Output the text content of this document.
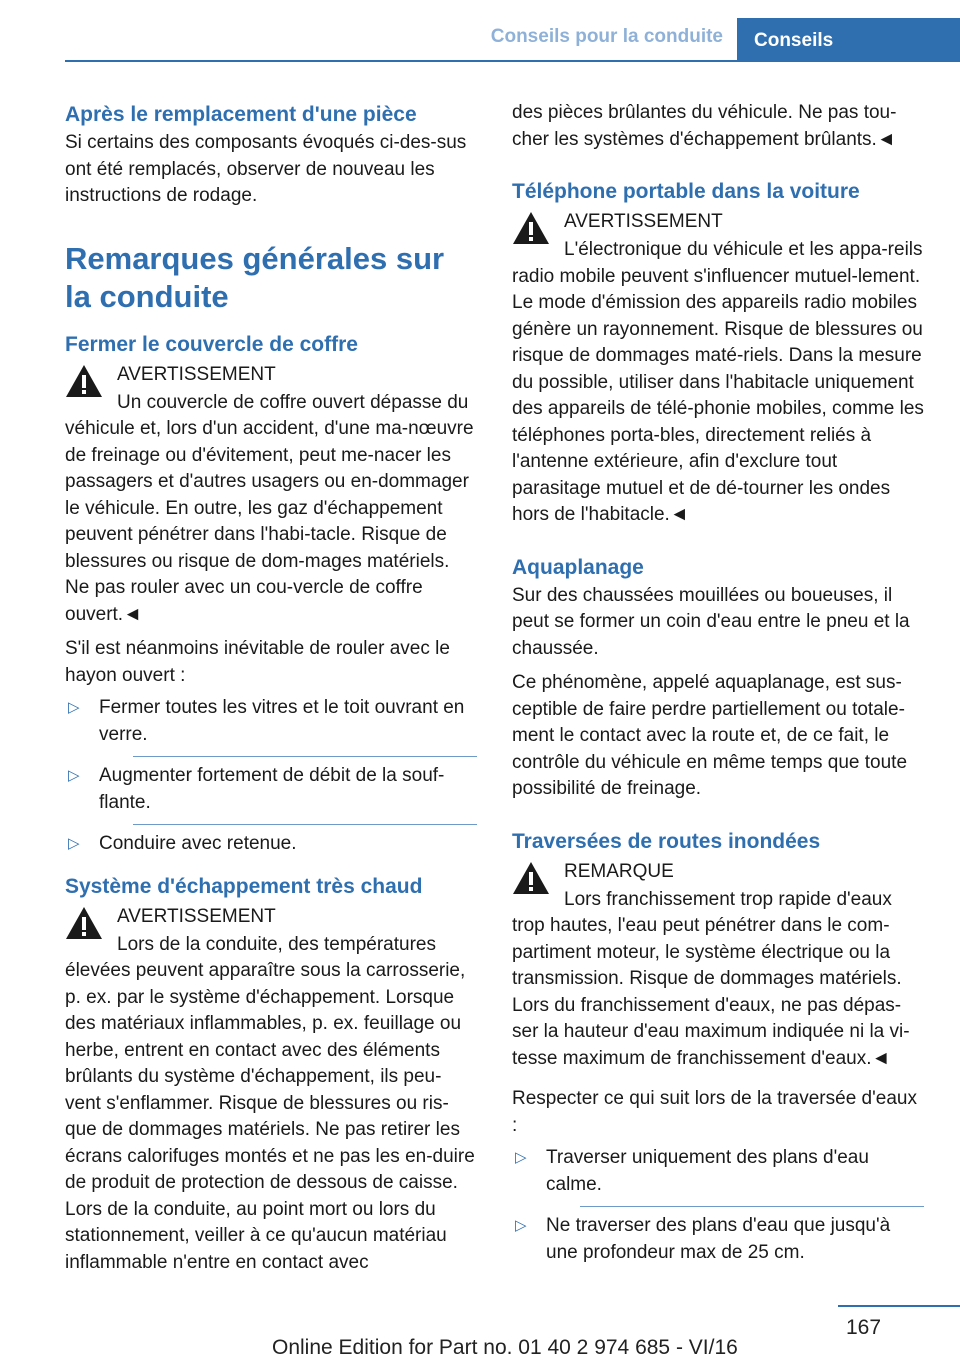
Conseils pour la conduite	Conseils
Après le remplacement d'une pièce

Si certains des composants évoqués ci-des-sus ont été remplacés, observer de nouveau les instructions de rodage.

Remarques générales sur la conduite
Fermer le couvercle de coffre
AVERTISSEMENT

Un couvercle de coffre ouvert dépasse du véhicule et, lors d'un accident, d'une ma-nœuvre de freinage ou d'évitement, peut me-nacer les passagers et d'autres usagers ou en-dommager le véhicule. En outre, les gaz d'échappement peuvent pénétrer dans l'habi-tacle. Risque de blessures ou risque de dom-mages matériels. Ne pas rouler avec un cou-vercle de coffre ouvert.◄

S'il est néanmoins inévitable de rouler avec le hayon ouvert :

▷ Fermer toutes les vitres et le toit ouvrant en verre.
▷ Augmenter fortement de débit de la souf-flante.
▷ Conduire avec retenue.
Système d'échappement très chaud
AVERTISSEMENT

Lors de la conduite, des températures élevées peuvent apparaître sous la carrosserie, p. ex. par le système d'échappement. Lorsque des matériaux inflammables, p. ex. feuillage ou herbe, entrent en contact avec des éléments brûlants du système d'échappement, ils peu-vent s'enflammer. Risque de blessures ou ris-que de dommages matériels. Ne pas retirer les écrans calorifuges montés et ne pas les en-duire de produit de protection de dessous de caisse. Lors de la conduite, au point mort ou lors du stationnement, veiller à ce qu'aucun matériau inflammable n'entre en contact avec

des pièces brûlantes du véhicule. Ne pas tou-cher les systèmes d'échappement brûlants.◄

Téléphone portable dans la voiture
AVERTISSEMENT

L'électronique du véhicule et les appa-reils radio mobile peuvent s'influencer mutuel-lement. Le mode d'émission des appareils radio mobiles génère un rayonnement. Risque de blessures ou risque de dommages maté-riels. Dans la mesure du possible, utiliser dans l'habitacle uniquement des appareils de télé-phonie mobiles, comme les téléphones porta-bles, directement reliés à l'antenne extérieure, afin d'exclure tout parasitage mutuel et de dé-tourner les ondes hors de l'habitacle.◄

Aquaplanage

Sur des chaussées mouillées ou boueuses, il peut se former un coin d'eau entre le pneu et la chaussée.

Ce phénomène, appelé aquaplanage, est sus-ceptible de faire perdre partiellement ou totale-ment le contact avec la route et, de ce fait, le contrôle du véhicule en même temps que toute possibilité de freinage.

Traversées de routes inondées
REMARQUE

Lors franchissement trop rapide d'eaux trop hautes, l'eau peut pénétrer dans le com-partiment moteur, le système électrique ou la transmission. Risque de dommages matériels. Lors du franchissement d'eaux, ne pas dépas-ser la hauteur d'eau maximum indiquée ni la vi-tesse maximum de franchissement d'eaux.◄

Respecter ce qui suit lors de la traversée d'eaux :

▷ Traverser uniquement des plans d'eau calme.
▷ Ne traverser des plans d'eau que jusqu'à une profondeur max de 25 cm.
167
Online Edition for Part no. 01 40 2 974 685 - VI/16
